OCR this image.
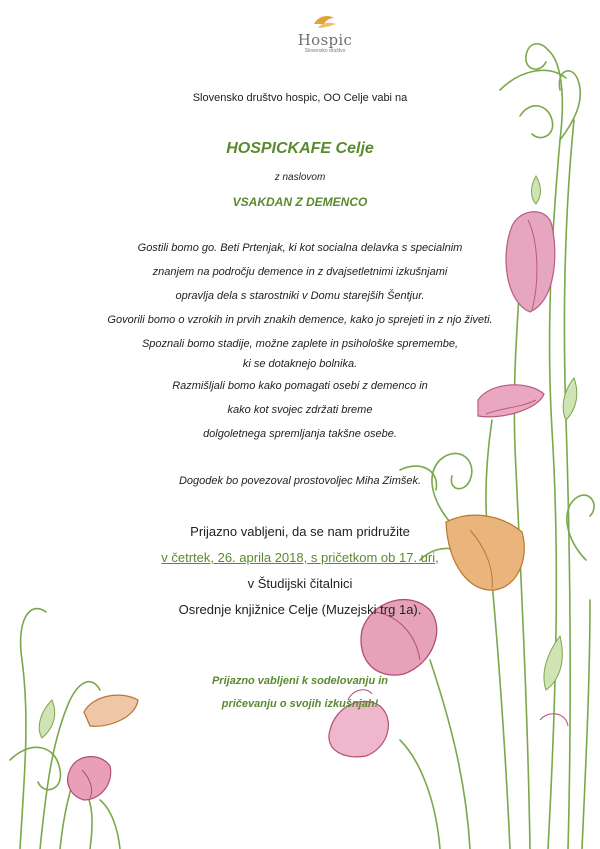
Hospic
Slovensko društvo

Slovensko društvo hospic, OO Celje vabi na

HOSPICKAFE Celje

z naslovom

VSAKDAN Z DEMENCO

Gostili bomo go. Beti Prtenjak, ki kot socialna delavka s specialnim

znanjem na področju demence in z dvajsetletnimi izkušnjami

opravlja dela s starostniki v Domu starejših Šentjur.

Govorili bomo o vzrokih in prvih znakih demence, kako jo sprejeti in z njo živeti.

Spoznali bomo stadije, možne zaplete in psihološke spremembe,

ki se dotaknejo bolnika.

Razmišljali bomo kako pomagati osebi z demenco in

kako kot svojec zdržati breme

dolgoletnega spremljanja takšne osebe.

Dogodek bo povezoval prostovoljec Miha Zimšek.

Prijazno vabljeni, da se nam pridružite

v četrtek, 26. aprila 2018, s pričetkom ob 17. uri,

v Študijski čitalnici

Osrednje knjižnice Celje (Muzejski trg 1a).

Prijazno vabljeni k sodelovanju in

pričevanju o svojih izkušnjah!
